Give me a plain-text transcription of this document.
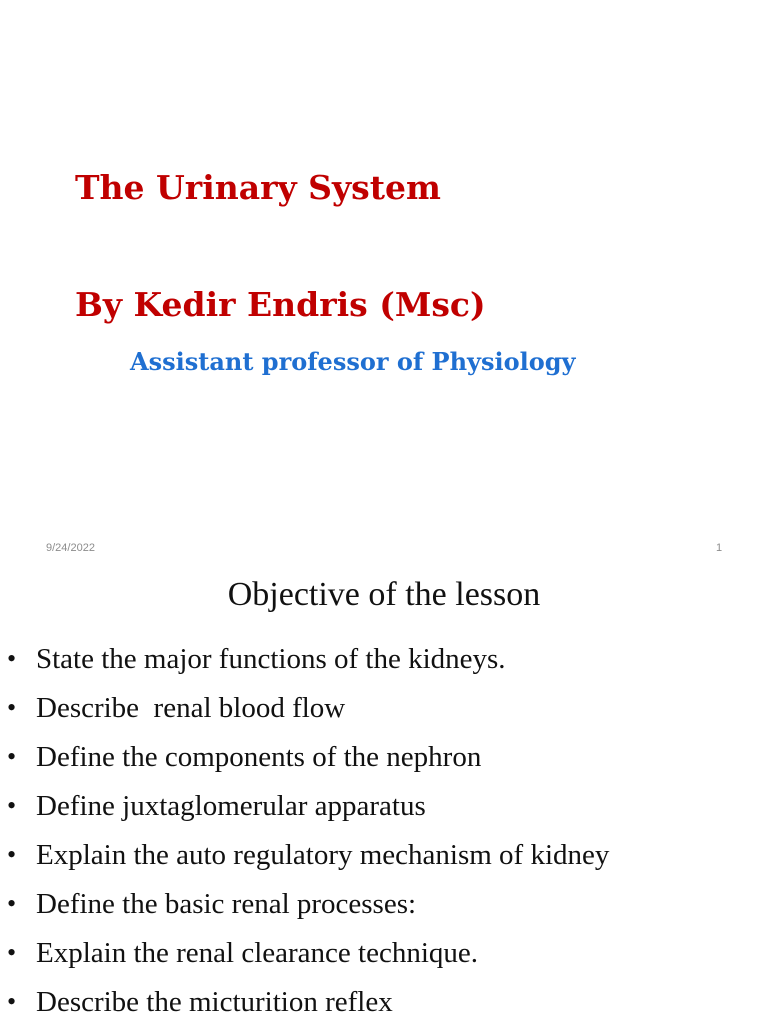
The Urinary System
By Kedir Endris (Msc)
Assistant professor of Physiology
9/24/2022	1
Objective of the lesson
• State the major functions of the kidneys.
• Describe  renal blood flow
• Define the components of the nephron
• Define juxtaglomerular apparatus
• Explain the auto regulatory mechanism of kidney
• Define the basic renal processes:
• Explain the renal clearance technique.
• Describe the micturition reflex
